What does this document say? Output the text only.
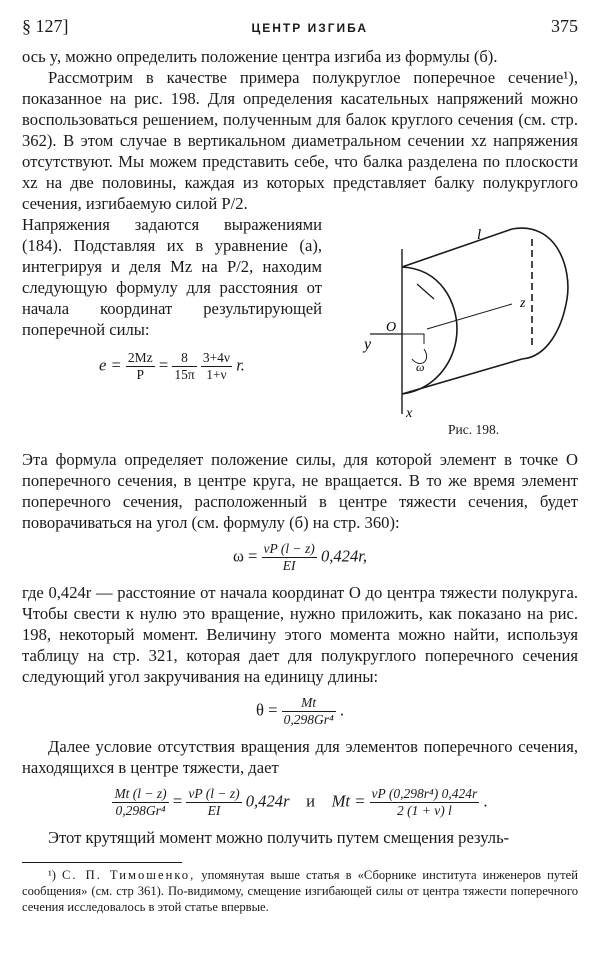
§ 127]	ЦЕНТР ИЗГИБА	375

ось y, можно определить положение центра изгиба из формулы (б).

Рассмотрим в качестве примера полукруглое поперечное сечение¹), показанное на рис. 198. Для определения касательных напряжений можно воспользоваться решением, полученным для балок круглого сечения (см. стр. 362). В этом случае в вертикальном диаметральном сечении xz напряжения отсутствуют. Мы можем представить себе, что балка разделена по плоскости xz на две половины, каждая из которых представляет балку полукруглого сечения, изгибаемую силой P/2.

Напряжения задаются выражениями (184). Подставляя их в уравнение (а), интегрируя и деля Mz на P/2, находим следующую формулу для расстояния от начала координат результирующей поперечной силы:

$e = \frac{2Mz}{P} = \frac{8}{15\pi}$
$\frac{3+4\nu}{1+\nu} r$.
l
z
O
y
x
ω
Рис. 198.

Эта формула определяет положение силы, для которой элемент в точке O поперечного сечения, в центре круга, не вращается. В то же время элемент поперечного сечения, расположенный в центре тяжести сечения, будет поворачиваться на угол (см. формулу (б) на стр. 360):

$\omega = \frac{\nu P (l - z)}{EI} 0,424r$,

где 0,424r — расстояние от начала координат O до центра тяжести полукруга. Чтобы свести к нулю это вращение, нужно приложить, как показано на рис. 198, некоторый момент. Величину этого момента можно найти, используя таблицу на стр. 321, которая дает для полукруглого поперечного сечения следующий угол закручивания на единицу длины:

$\theta = \frac{Mt}{\text{0,298Gr⁴}}$ .

Далее условие отсутствия вращения для элементов поперечного сечения, находящихся в центре тяжести, дает

$\frac{Mt (l - z)}{\text{0,298Gr⁴}} = \frac{\nu P (l - z)}{EI} 0,424r$ и $Mt = \frac{\text{νP (0,298r⁴) 0,424r}}{2 (1 + \nu) l}$ .

Этот крутящий момент можно получить путем смещения резуль-

¹) С. П. Тимошенко, упомянутая выше статья в «Сборнике института инженеров путей сообщения» (см. стр 361). По-видимому, смещение изгибающей силы от центра тяжести поперечного сечения исследовалось в этой статье впервые.
